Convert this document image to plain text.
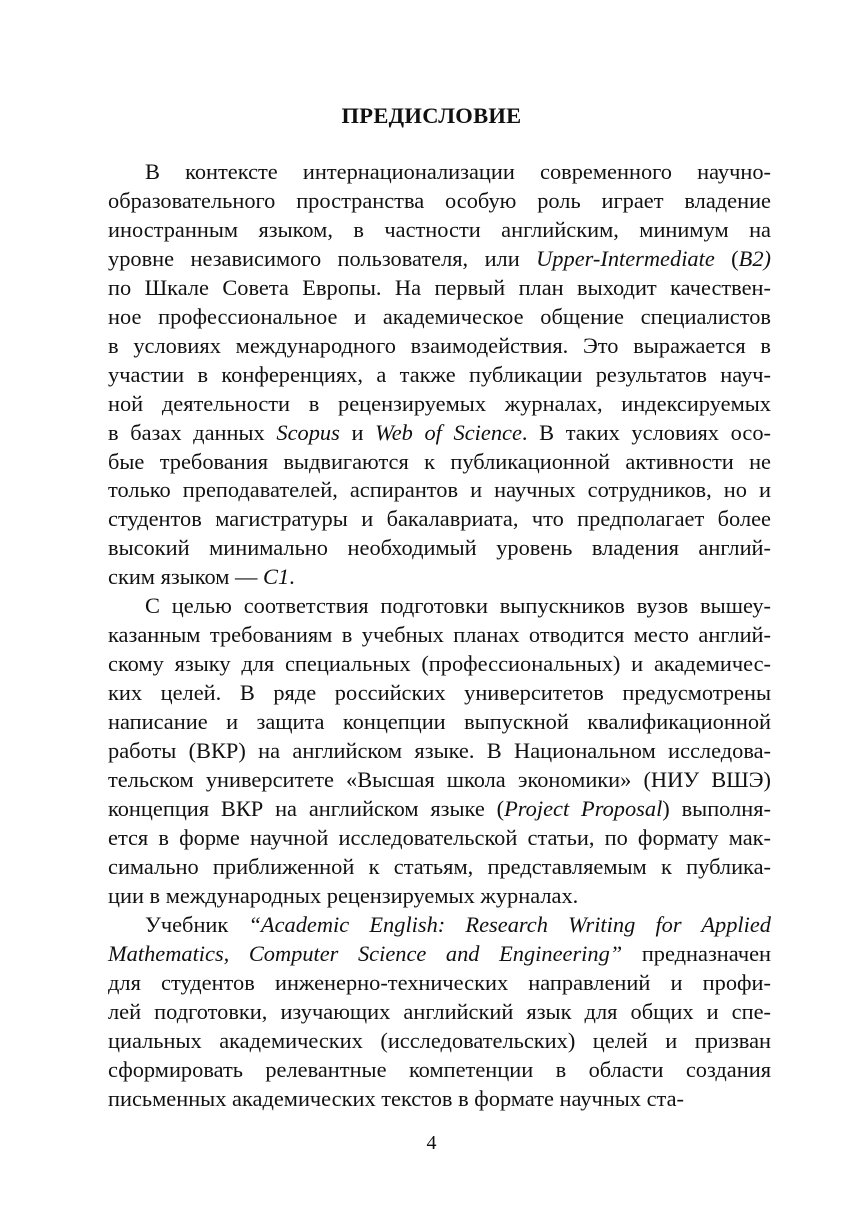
ПРЕДИСЛОВИЕ

В контексте интернационализации современного научно-
образовательного пространства особую роль играет владение
иностранным языком, в частности английским, минимум на
уровне независимого пользователя, или Upper-Intermediate (B2)
по Шкале Совета Европы. На первый план выходит качествен-
ное профессиональное и академическое общение специалистов
в условиях международного взаимодействия. Это выражается в
участии в конференциях, а также публикации результатов науч-
ной деятельности в рецензируемых журналах, индексируемых
в базах данных Scopus и Web of Science. В таких условиях осо-
бые требования выдвигаются к публикационной активности не
только преподавателей, аспирантов и научных сотрудников, но и
студентов магистратуры и бакалавриата, что предполагает более
высокий минимально необходимый уровень владения англий-
ским языком — C1.

С целью соответствия подготовки выпускников вузов вышеу-
казанным требованиям в учебных планах отводится место англий-
скому языку для специальных (профессиональных) и академичес-
ких целей. В ряде российских университетов предусмотрены
написание и защита концепции выпускной квалификационной
работы (ВКР) на английском языке. В Национальном исследова-
тельском университете «Высшая школа экономики» (НИУ ВШЭ)
концепция ВКР на английском языке (Project Proposal) выполня-
ется в форме научной исследовательской статьи, по формату мак-
симально приближенной к статьям, представляемым к публика-
ции в международных рецензируемых журналах.

Учебник “Academic English: Research Writing for Applied
Mathematics, Computer Science and Engineering” предназначен
для студентов инженерно-технических направлений и профи-
лей подготовки, изучающих английский язык для общих и спе-
циальных академических (исследовательских) целей и призван
сформировать релевантные компетенции в области создания
письменных академических текстов в формате научных ста-

4
